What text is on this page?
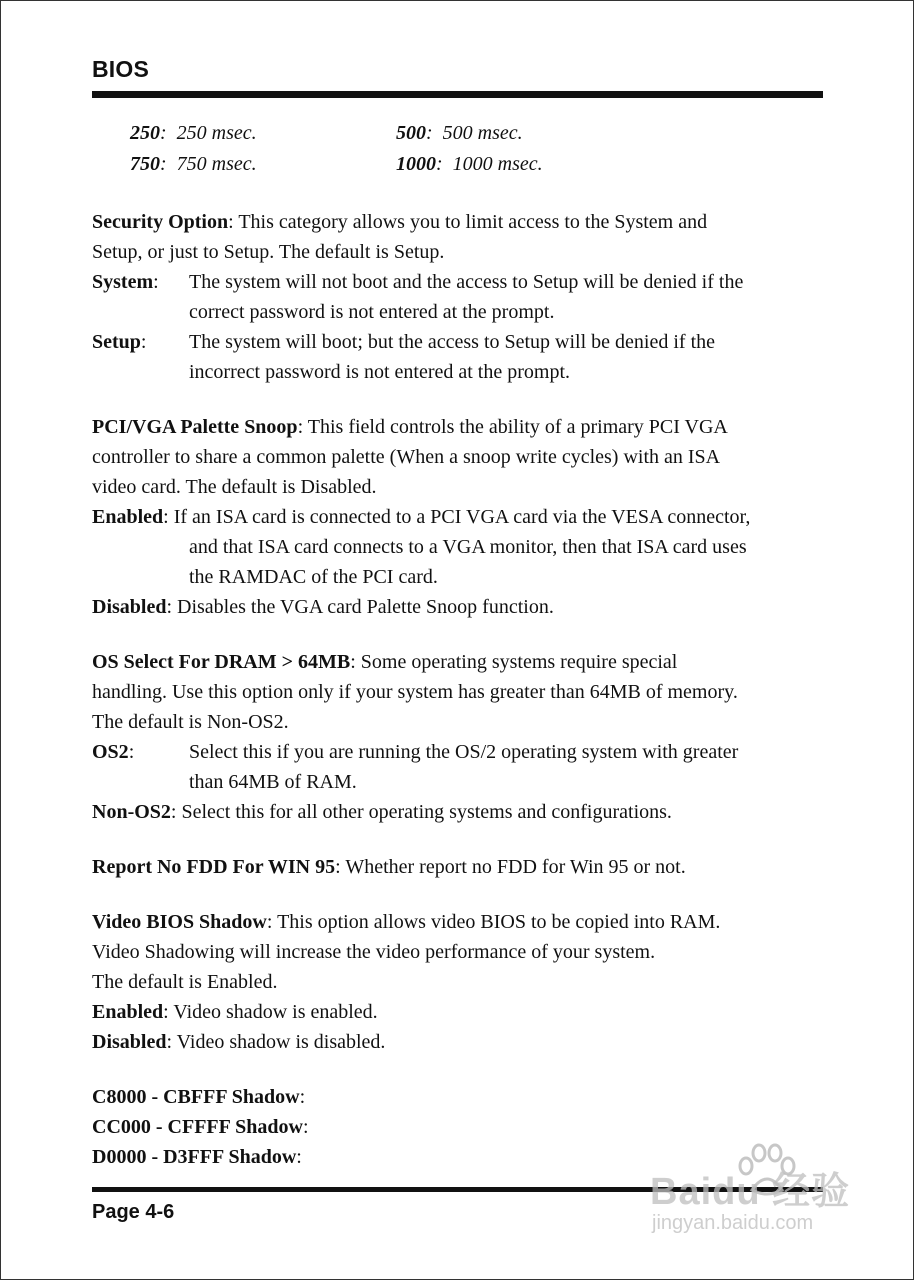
BIOS
250: 250 msec.	500: 500 msec.
750: 750 msec.	1000: 1000 msec.
Security Option: This category allows you to limit access to the System and
Setup, or just to Setup. The default is Setup.
System: The system will not boot and the access to Setup will be denied if the
correct password is not entered at the prompt.
Setup: The system will boot; but the access to Setup will be denied if the
incorrect password is not entered at the prompt.
PCI/VGA Palette Snoop: This field controls the ability of a primary PCI VGA
controller to share a common palette (When a snoop write cycles) with an ISA
video card. The default is Disabled.
Enabled: If an ISA card is connected to a PCI VGA card via the VESA connector,
and that ISA card connects to a VGA monitor, then that ISA card uses
the RAMDAC of the PCI card.
Disabled: Disables the VGA card Palette Snoop function.
OS Select For DRAM > 64MB: Some operating systems require special
handling. Use this option only if your system has greater than 64MB of memory.
The default is Non-OS2.
OS2:	Select this if you are running the OS/2 operating system with greater
than 64MB of RAM.
Non-OS2: Select this for all other operating systems and configurations.
Report No FDD For WIN 95: Whether report no FDD for Win 95 or not.
Video BIOS Shadow: This option allows video BIOS to be copied into RAM.
Video Shadowing will increase the video performance of your system.
The default is Enabled.
Enabled: Video shadow is enabled.
Disabled: Video shadow is disabled.
C8000 - CBFFF Shadow:
CC000 - CFFFF Shadow:
D0000 - D3FFF Shadow:
Page 4-6	Baidu 经验
jingyan.baidu.com
